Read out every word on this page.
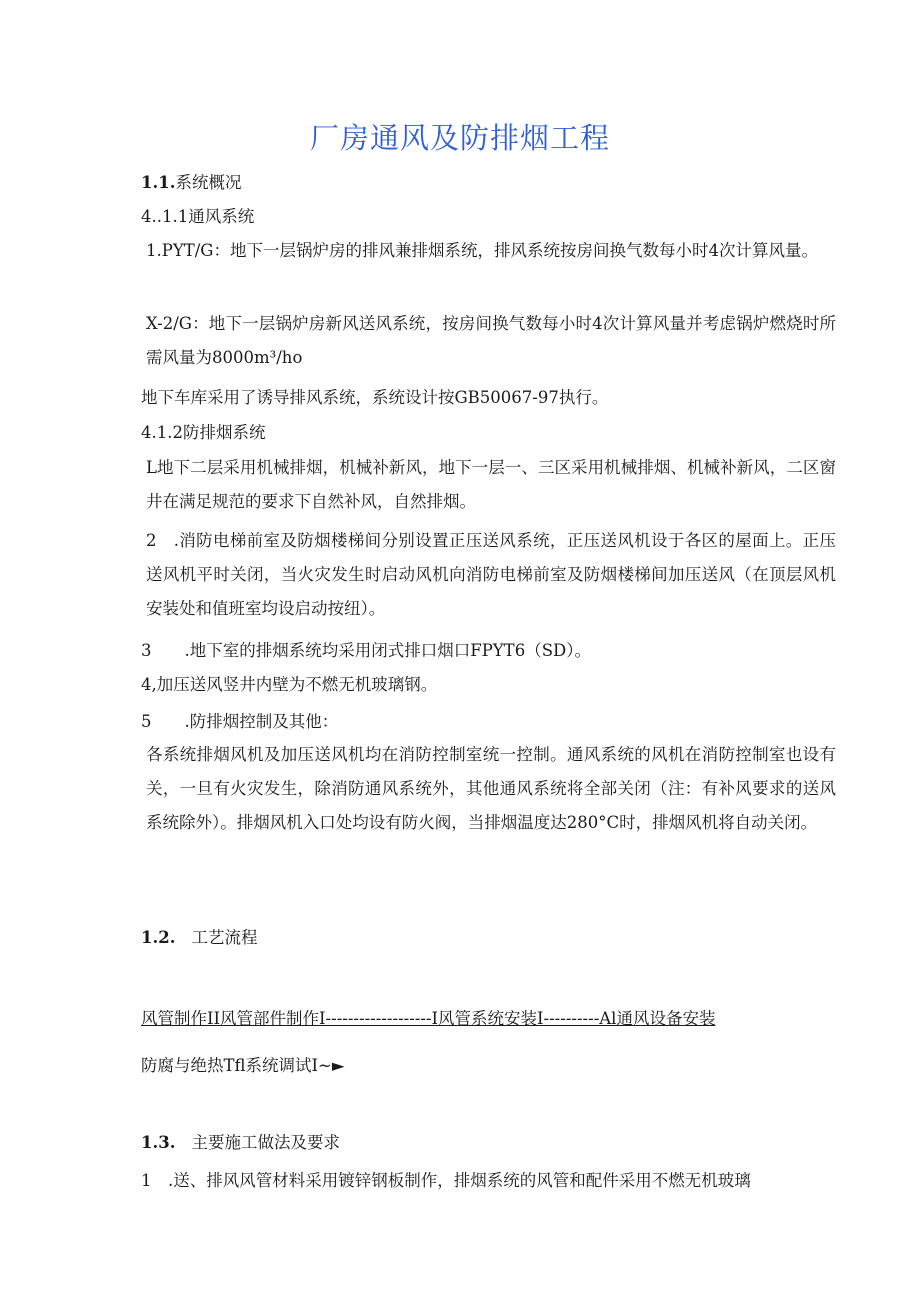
厂房通风及防排烟工程
1.1.系统概况
4..1.1通风系统
1.PYT/G：地下一层锅炉房的排风兼排烟系统，排风系统按房间换气数每小时4次计算风量。
X-2/G：地下一层锅炉房新风送风系统，按房间换气数每小时4次计算风量并考虑锅炉燃烧时所需风量为8000m³/ho
地下车库采用了诱导排风系统，系统设计按GB50067-97执行。
4.1.2防排烟系统
L地下二层采用机械排烟，机械补新风，地下一层一、三区采用机械排烟、机械补新风，二区窗井在满足规范的要求下自然补风，自然排烟。
2　.消防电梯前室及防烟楼梯间分别设置正压送风系统，正压送风机设于各区的屋面上。正压送风机平时关闭，当火灾发生时启动风机向消防电梯前室及防烟楼梯间加压送风（在顶层风机安装处和值班室均设启动按纽）。
3　　.地下室的排烟系统均采用闭式排口烟口FPYT6（SD）。
4,加压送风竖井内壁为不燃无机玻璃钢。
5　　.防排烟控制及其他：
各系统排烟风机及加压送风机均在消防控制室统一控制。通风系统的风机在消防控制室也设有关，一旦有火灾发生，除消防通风系统外，其他通风系统将全部关闭（注：有补风要求的送风系统除外）。排烟风机入口处均设有防火阀，当排烟温度达280°C时，排烟风机将自动关闭。
1.2. 工艺流程
风管制作II风管部件制作I-------------------I风管系统安装I----------Al通风设备安装
防腐与绝热Tfl系统调试I~►
1.3. 主要施工做法及要求
1　.送、排风风管材料采用镀锌钢板制作，排烟系统的风管和配件采用不燃无机玻璃
